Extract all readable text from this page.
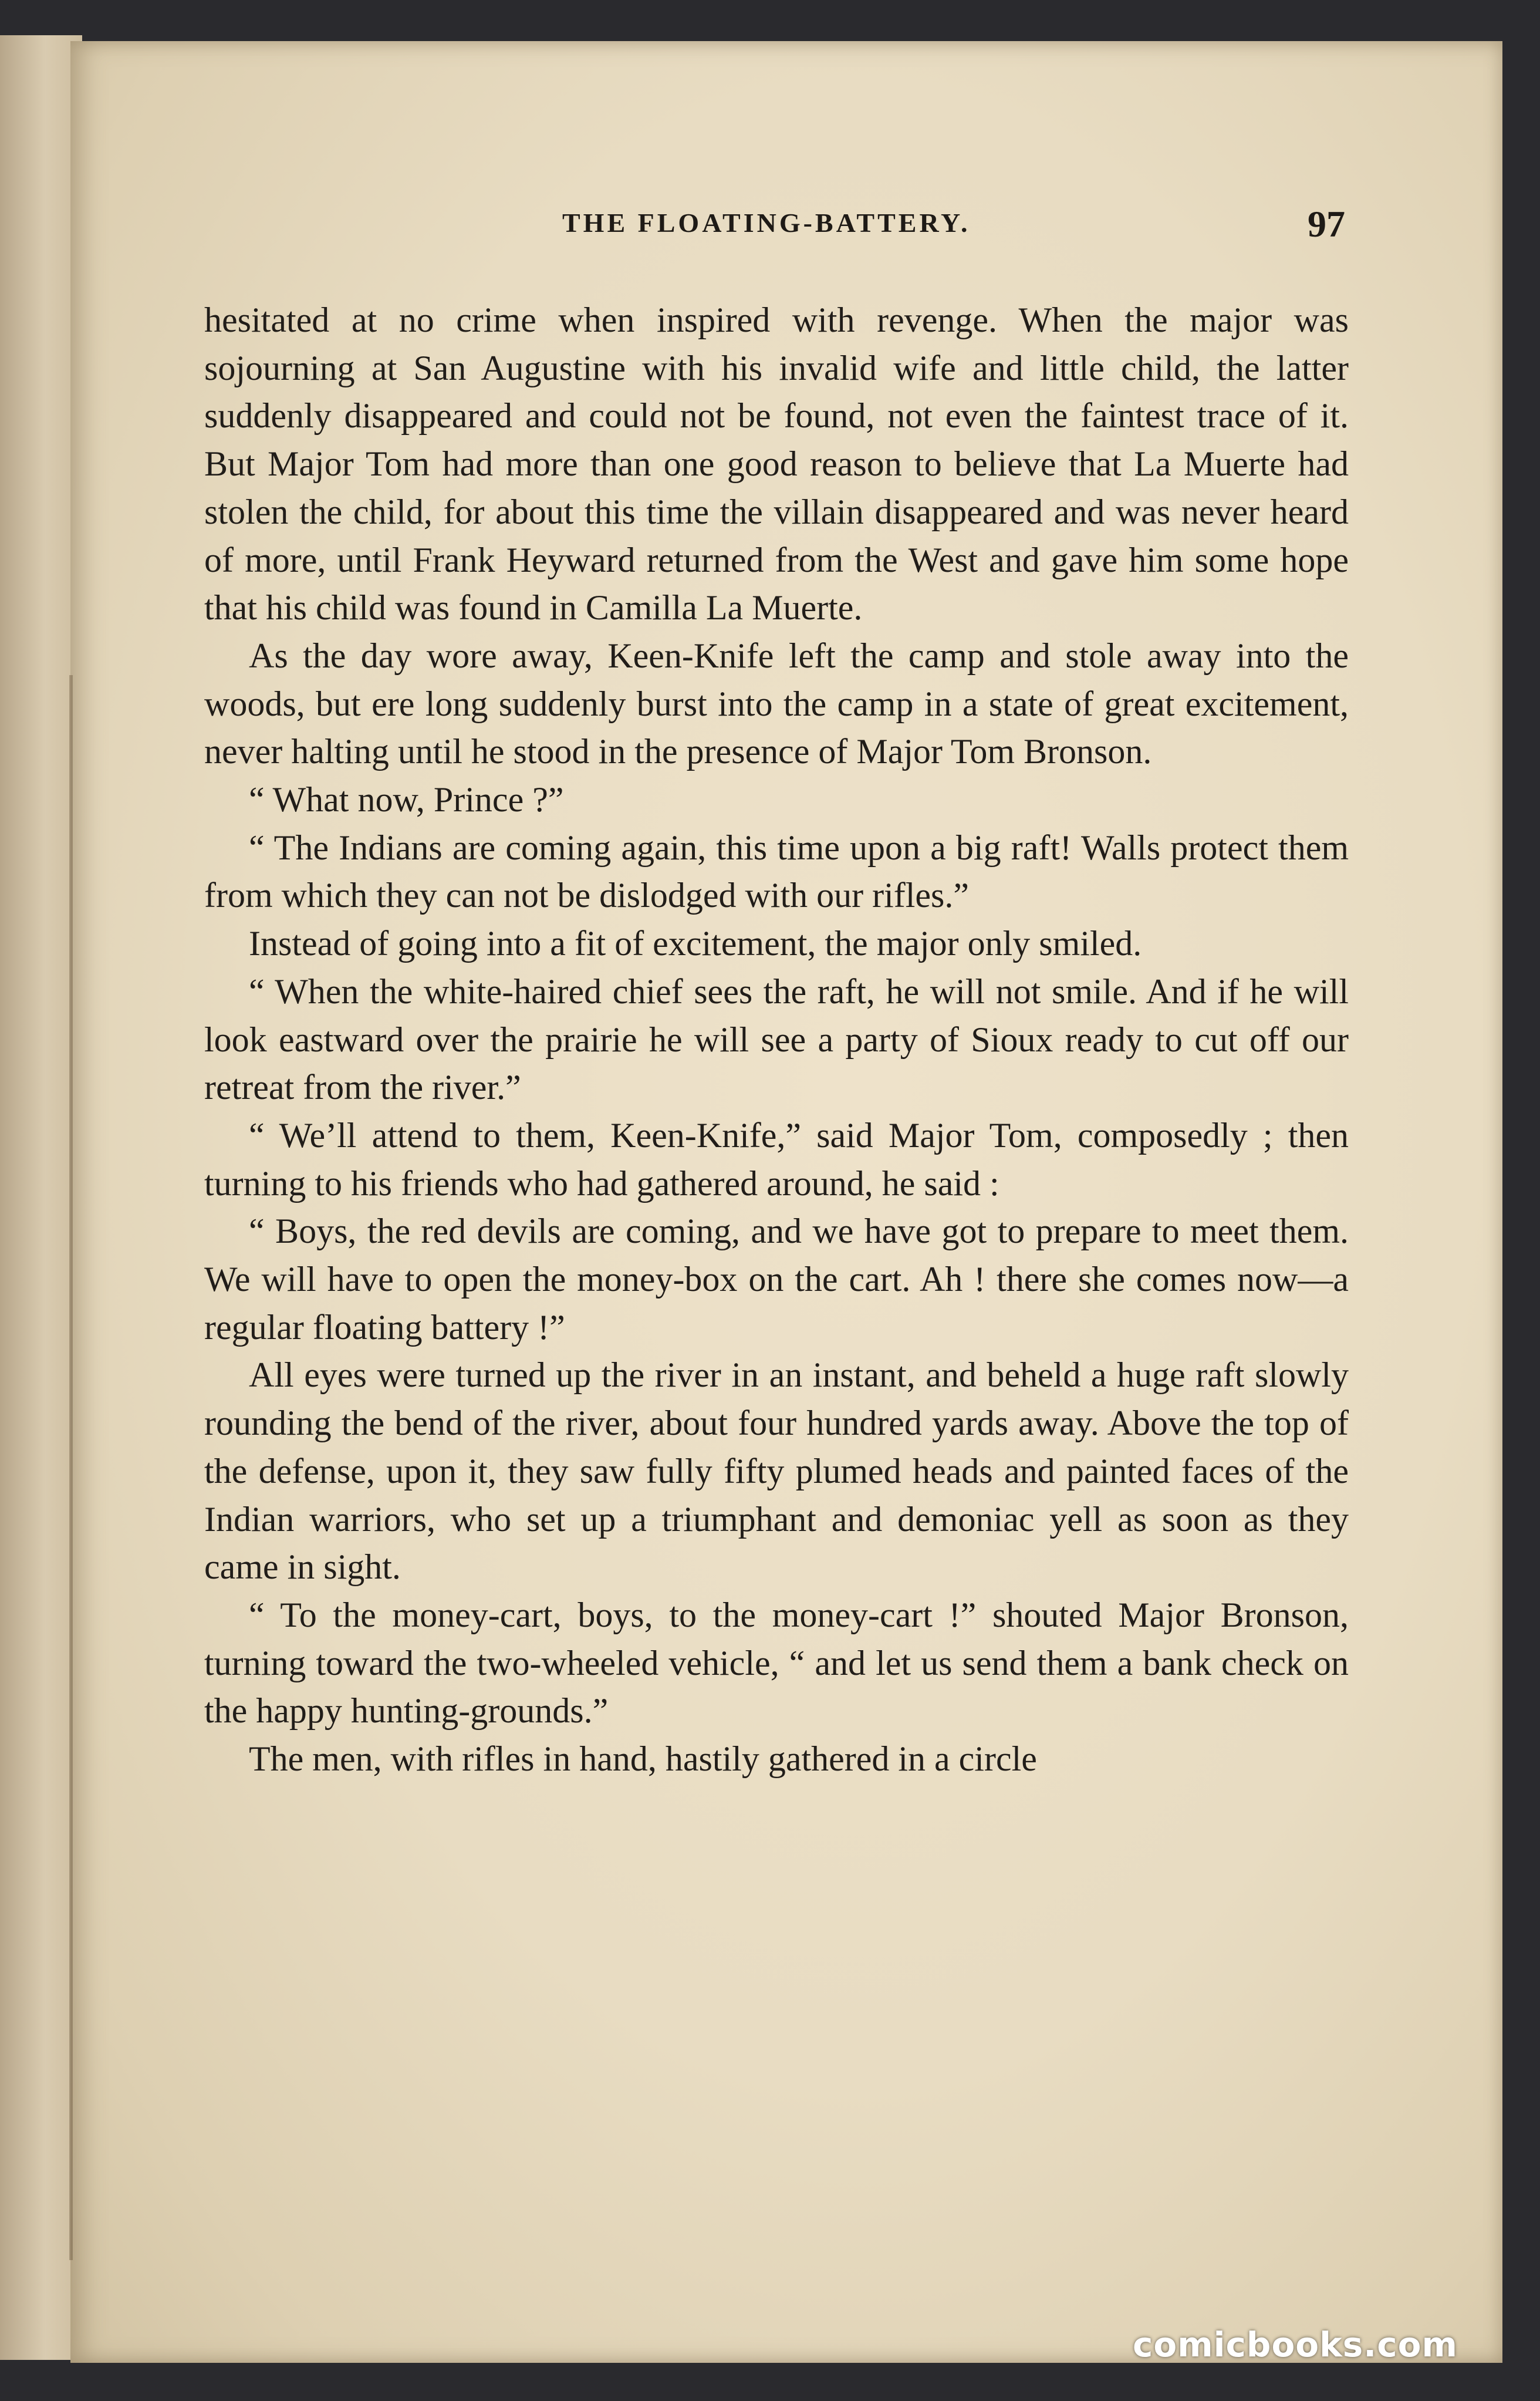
THE FLOATING-BATTERY.	97

hesitated at no crime when inspired with revenge. When the major was sojourning at San Augustine with his invalid wife and little child, the latter suddenly disappeared and could not be found, not even the faintest trace of it. But Major Tom had more than one good reason to believe that La Muerte had stolen the child, for about this time the villain disappeared and was never heard of more, until Frank Heyward returned from the West and gave him some hope that his child was found in Camilla La Muerte.

As the day wore away, Keen-Knife left the camp and stole away into the woods, but ere long suddenly burst into the camp in a state of great excitement, never halting until he stood in the presence of Major Tom Bronson.

“ What now, Prince ?”

“ The Indians are coming again, this time upon a big raft! Walls protect them from which they can not be dislodged with our rifles.”

Instead of going into a fit of excitement, the major only smiled.

“ When the white-haired chief sees the raft, he will not smile. And if he will look eastward over the prairie he will see a party of Sioux ready to cut off our retreat from the river.”

“ We’ll attend to them, Keen-Knife,” said Major Tom, composedly ; then turning to his friends who had gathered around, he said :

“ Boys, the red devils are coming, and we have got to prepare to meet them. We will have to open the money-box on the cart. Ah ! there she comes now—a regular floating battery !”

All eyes were turned up the river in an instant, and beheld a huge raft slowly rounding the bend of the river, about four hundred yards away. Above the top of the defense, upon it, they saw fully fifty plumed heads and painted faces of the Indian warriors, who set up a triumphant and demoniac yell as soon as they came in sight.

“ To the money-cart, boys, to the money-cart !” shouted Major Bronson, turning toward the two-wheeled vehicle, “ and let us send them a bank check on the happy hunting-grounds.”

The men, with rifles in hand, hastily gathered in a circle

comicbooks.com
